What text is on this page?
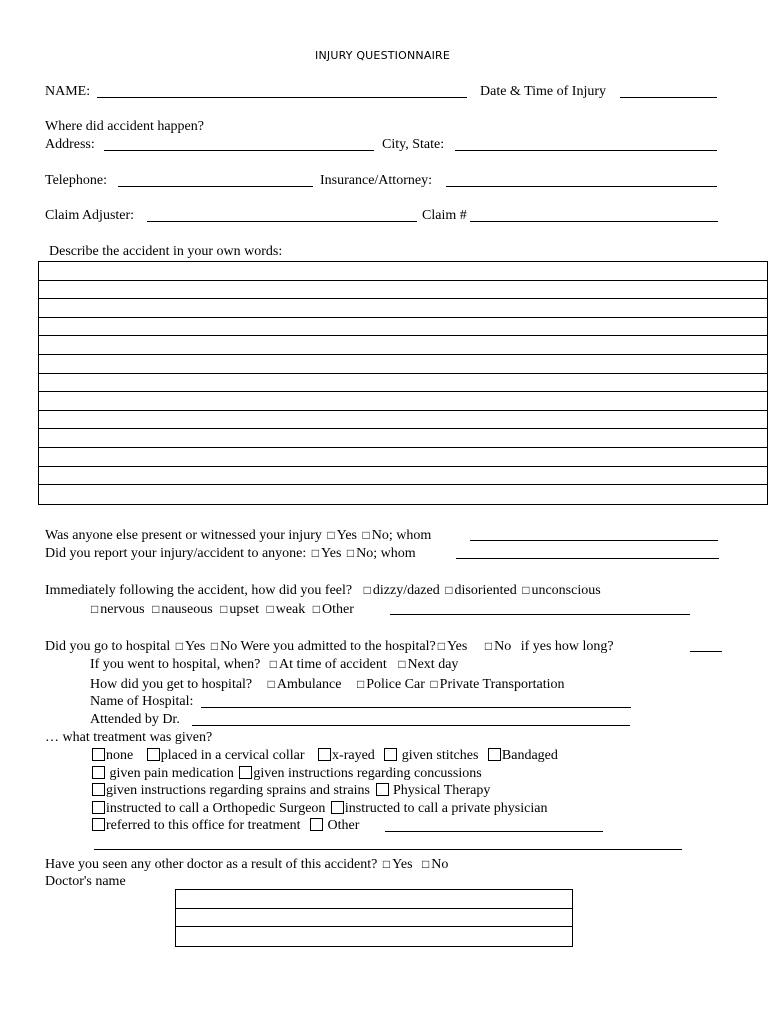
INJURY QUESTIONNAIRE
NAME:	Date & Time of Injury
Where did accident happen?
Address:	City, State:
Telephone:	Insurance/Attorney:
Claim Adjuster:	Claim #
Describe the accident in your own words:
Was anyone else present or witnessed your injury □ Yes □ No; whom
Did you report your injury/accident to anyone: □ Yes □ No; whom
Immediately following the accident, how did you feel? □ dizzy/dazed □ disoriented □ unconscious
□ nervous □ nauseous □ upset □ weak □ Other
Did you go to hospital □ Yes □ No Were you admitted to the hospital? □ Yes □ No if yes how long?
If you went to hospital, when? □ At time of accident □ Next day
How did you get to hospital? □ Ambulance □ Police Car □ Private Transportation
Name of Hospital:
Attended by Dr.
… what treatment was given?
none placed in a cervical collar x-rayed given stitches Bandaged
given pain medication given instructions regarding concussions
given instructions regarding sprains and strains Physical Therapy
instructed to call a Orthopedic Surgeon instructed to call a private physician
referred to this office for treatment Other
Have you seen any other doctor as a result of this accident? □ Yes □ No
Doctor's name
